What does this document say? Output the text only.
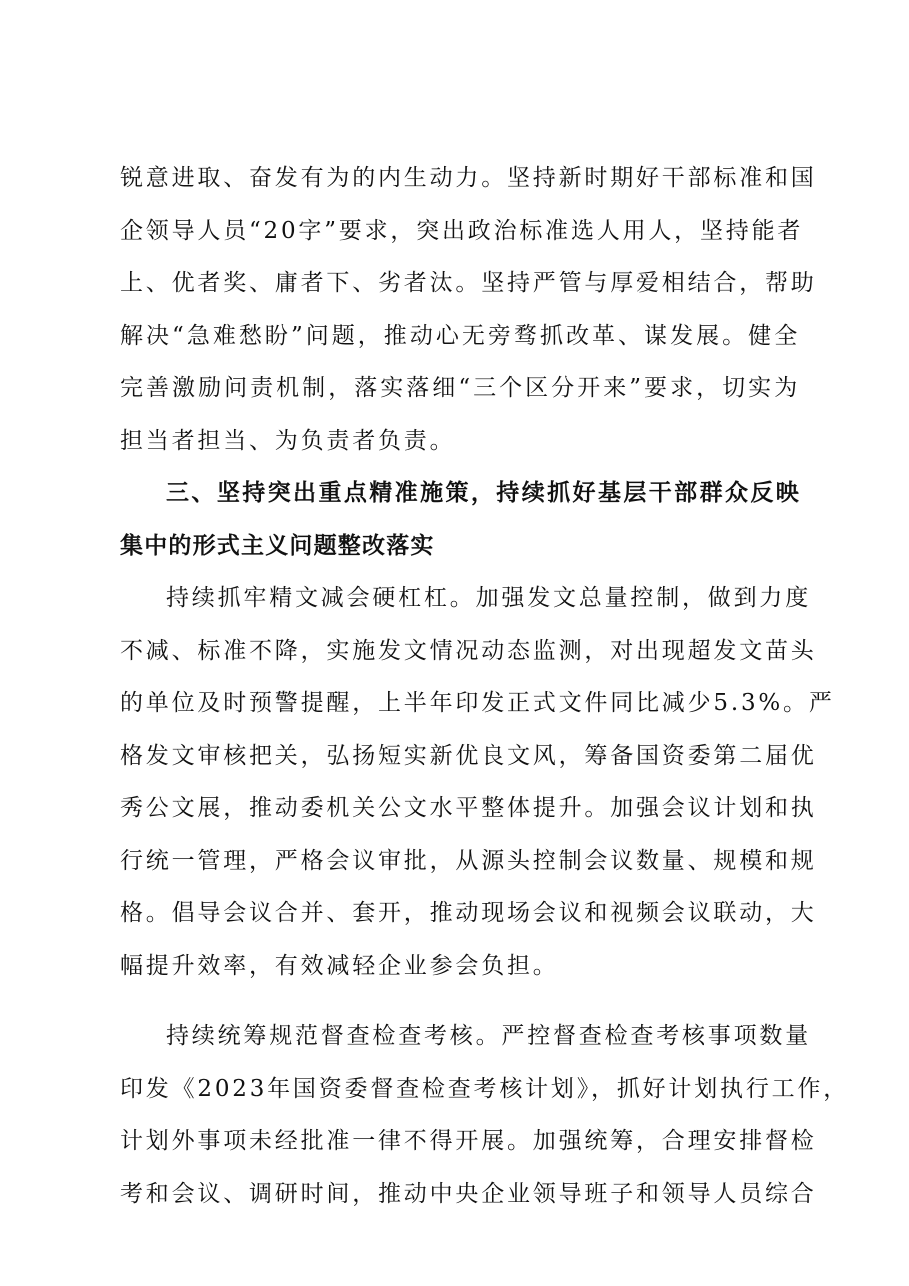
锐意进取、奋发有为的内生动力。坚持新时期好干部标准和国
企领导人员“20字”要求，突出政治标准选人用人，坚持能者
上、优者奖、庸者下、劣者汰。坚持严管与厚爱相结合，帮助
解决“急难愁盼”问题，推动心无旁骛抓改革、谋发展。健全
完善激励问责机制，落实落细“三个区分开来”要求，切实为
担当者担当、为负责者负责。
三、坚持突出重点精准施策，持续抓好基层干部群众反映
集中的形式主义问题整改落实
持续抓牢精文减会硬杠杠。加强发文总量控制，做到力度
不减、标准不降，实施发文情况动态监测，对出现超发文苗头
的单位及时预警提醒，上半年印发正式文件同比减少5.3%。严
格发文审核把关，弘扬短实新优良文风，筹备国资委第二届优
秀公文展，推动委机关公文水平整体提升。加强会议计划和执
行统一管理，严格会议审批，从源头控制会议数量、规模和规
格。倡导会议合并、套开，推动现场会议和视频会议联动，大
幅提升效率，有效减轻企业参会负担。
持续统筹规范督查检查考核。严控督查检查考核事项数量
印发《2023年国资委督查检查考核计划》，抓好计划执行工作，
计划外事项未经批准一律不得开展。加强统筹，合理安排督检
考和会议、调研时间，推动中央企业领导班子和领导人员综合
